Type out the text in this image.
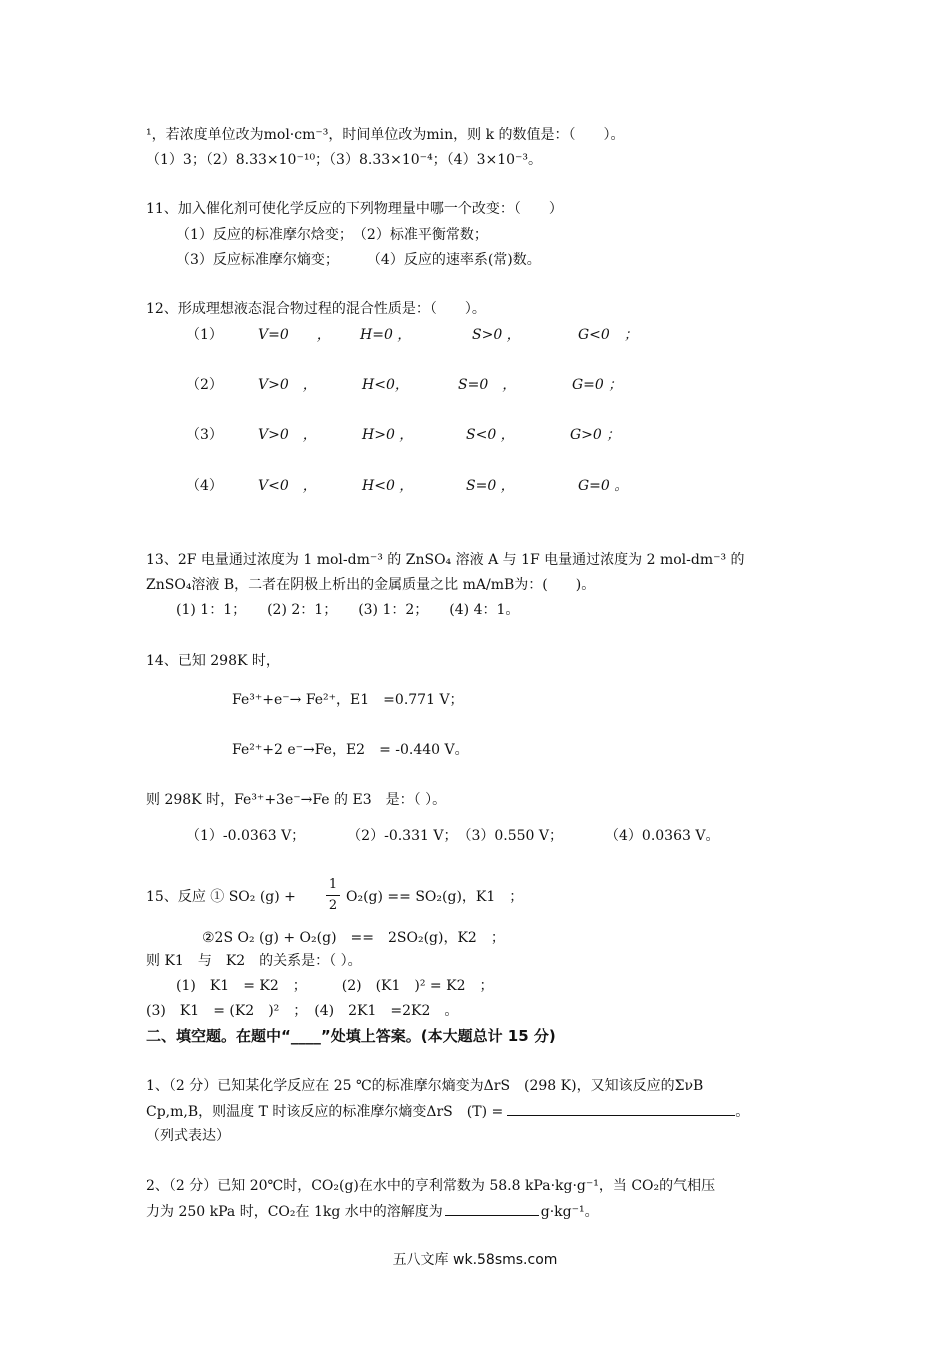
¹，若浓度单位改为mol·cm⁻³，时间单位改为min，则 k 的数值是：（　　）。
（1）3；（2）8.33×10⁻¹⁰；（3）8.33×10⁻⁴；（4）3×10⁻³。
11、加入催化剂可使化学反应的下列物理量中哪一个改变：（　　）
（1）反应的标准摩尔焓变；　（2）标准平衡常数；
（3）反应标准摩尔熵变；　　　（4）反应的速率系(常)数。
12、形成理想液态混合物过程的混合性质是：（　　）。
（1）	V=0　　， H=0 ，	S>0 ，	G<0　；
（2）	V>0　，	H<0，	S=0　，	G=0 ；
（3）	V>0　，	H>0 ，	S<0 ，	G>0 ；
（4）	V<0　，	H<0 ，	S=0 ，	G=0 。
13、2F 电量通过浓度为 1 mol-dm⁻³ 的 ZnSO₄ 溶液 A 与 1F 电量通过浓度为 2 mol-dm⁻³ 的
ZnSO₄溶液 B，二者在阴极上析出的金属质量之比 mA/mB为：(　　)。
(1) 1：1；　　(2) 2：1；　　(3) 1：2；　　(4) 4：1。
14、已知 298K 时，
Fe³⁺+e⁻→ Fe²⁺，E1　=0.771 V；
Fe²⁺+2 e⁻→Fe，E2　= -0.440 V。
则 298K 时，Fe³⁺+3e⁻→Fe 的 E3　是：（ ）。
（1）-0.0363 V；　　　　（2）-0.331 V；　（3）0.550 V；　　　　（4）0.0363 V。
15、反应 ① SO₂ (g) +
1
2
O₂(g) == SO₂(g)，K1　；
②2S O₂ (g) + O₂(g)　==　2SO₂(g)，K2　；
则 K1　与　K2　的关系是：（ ）。
(1)　K1　= K2　；　　　(2)　(K1　)² = K2　；
(3)　K1　= (K2　)²　；　(4)　2K1　=2K2　。
二、填空题。在题中“____”处填上答案。(本大题总计 15 分)
1、（2 分）已知某化学反应在 25 ℃的标准摩尔熵变为ΔrS　(298 K)，又知该反应的ΣνB
Cp,m,B，则温度 T 时该反应的标准摩尔熵变ΔrS　(T) =	。
（列式表达）
2、（2 分）已知 20℃时，CO₂(g)在水中的亨利常数为 58.8 kPa·kg·g⁻¹，当 CO₂的气相压
力为 250 kPa 时，CO₂在 1kg 水中的溶解度为	g·kg⁻¹。
五八文库 wk.58sms.com
